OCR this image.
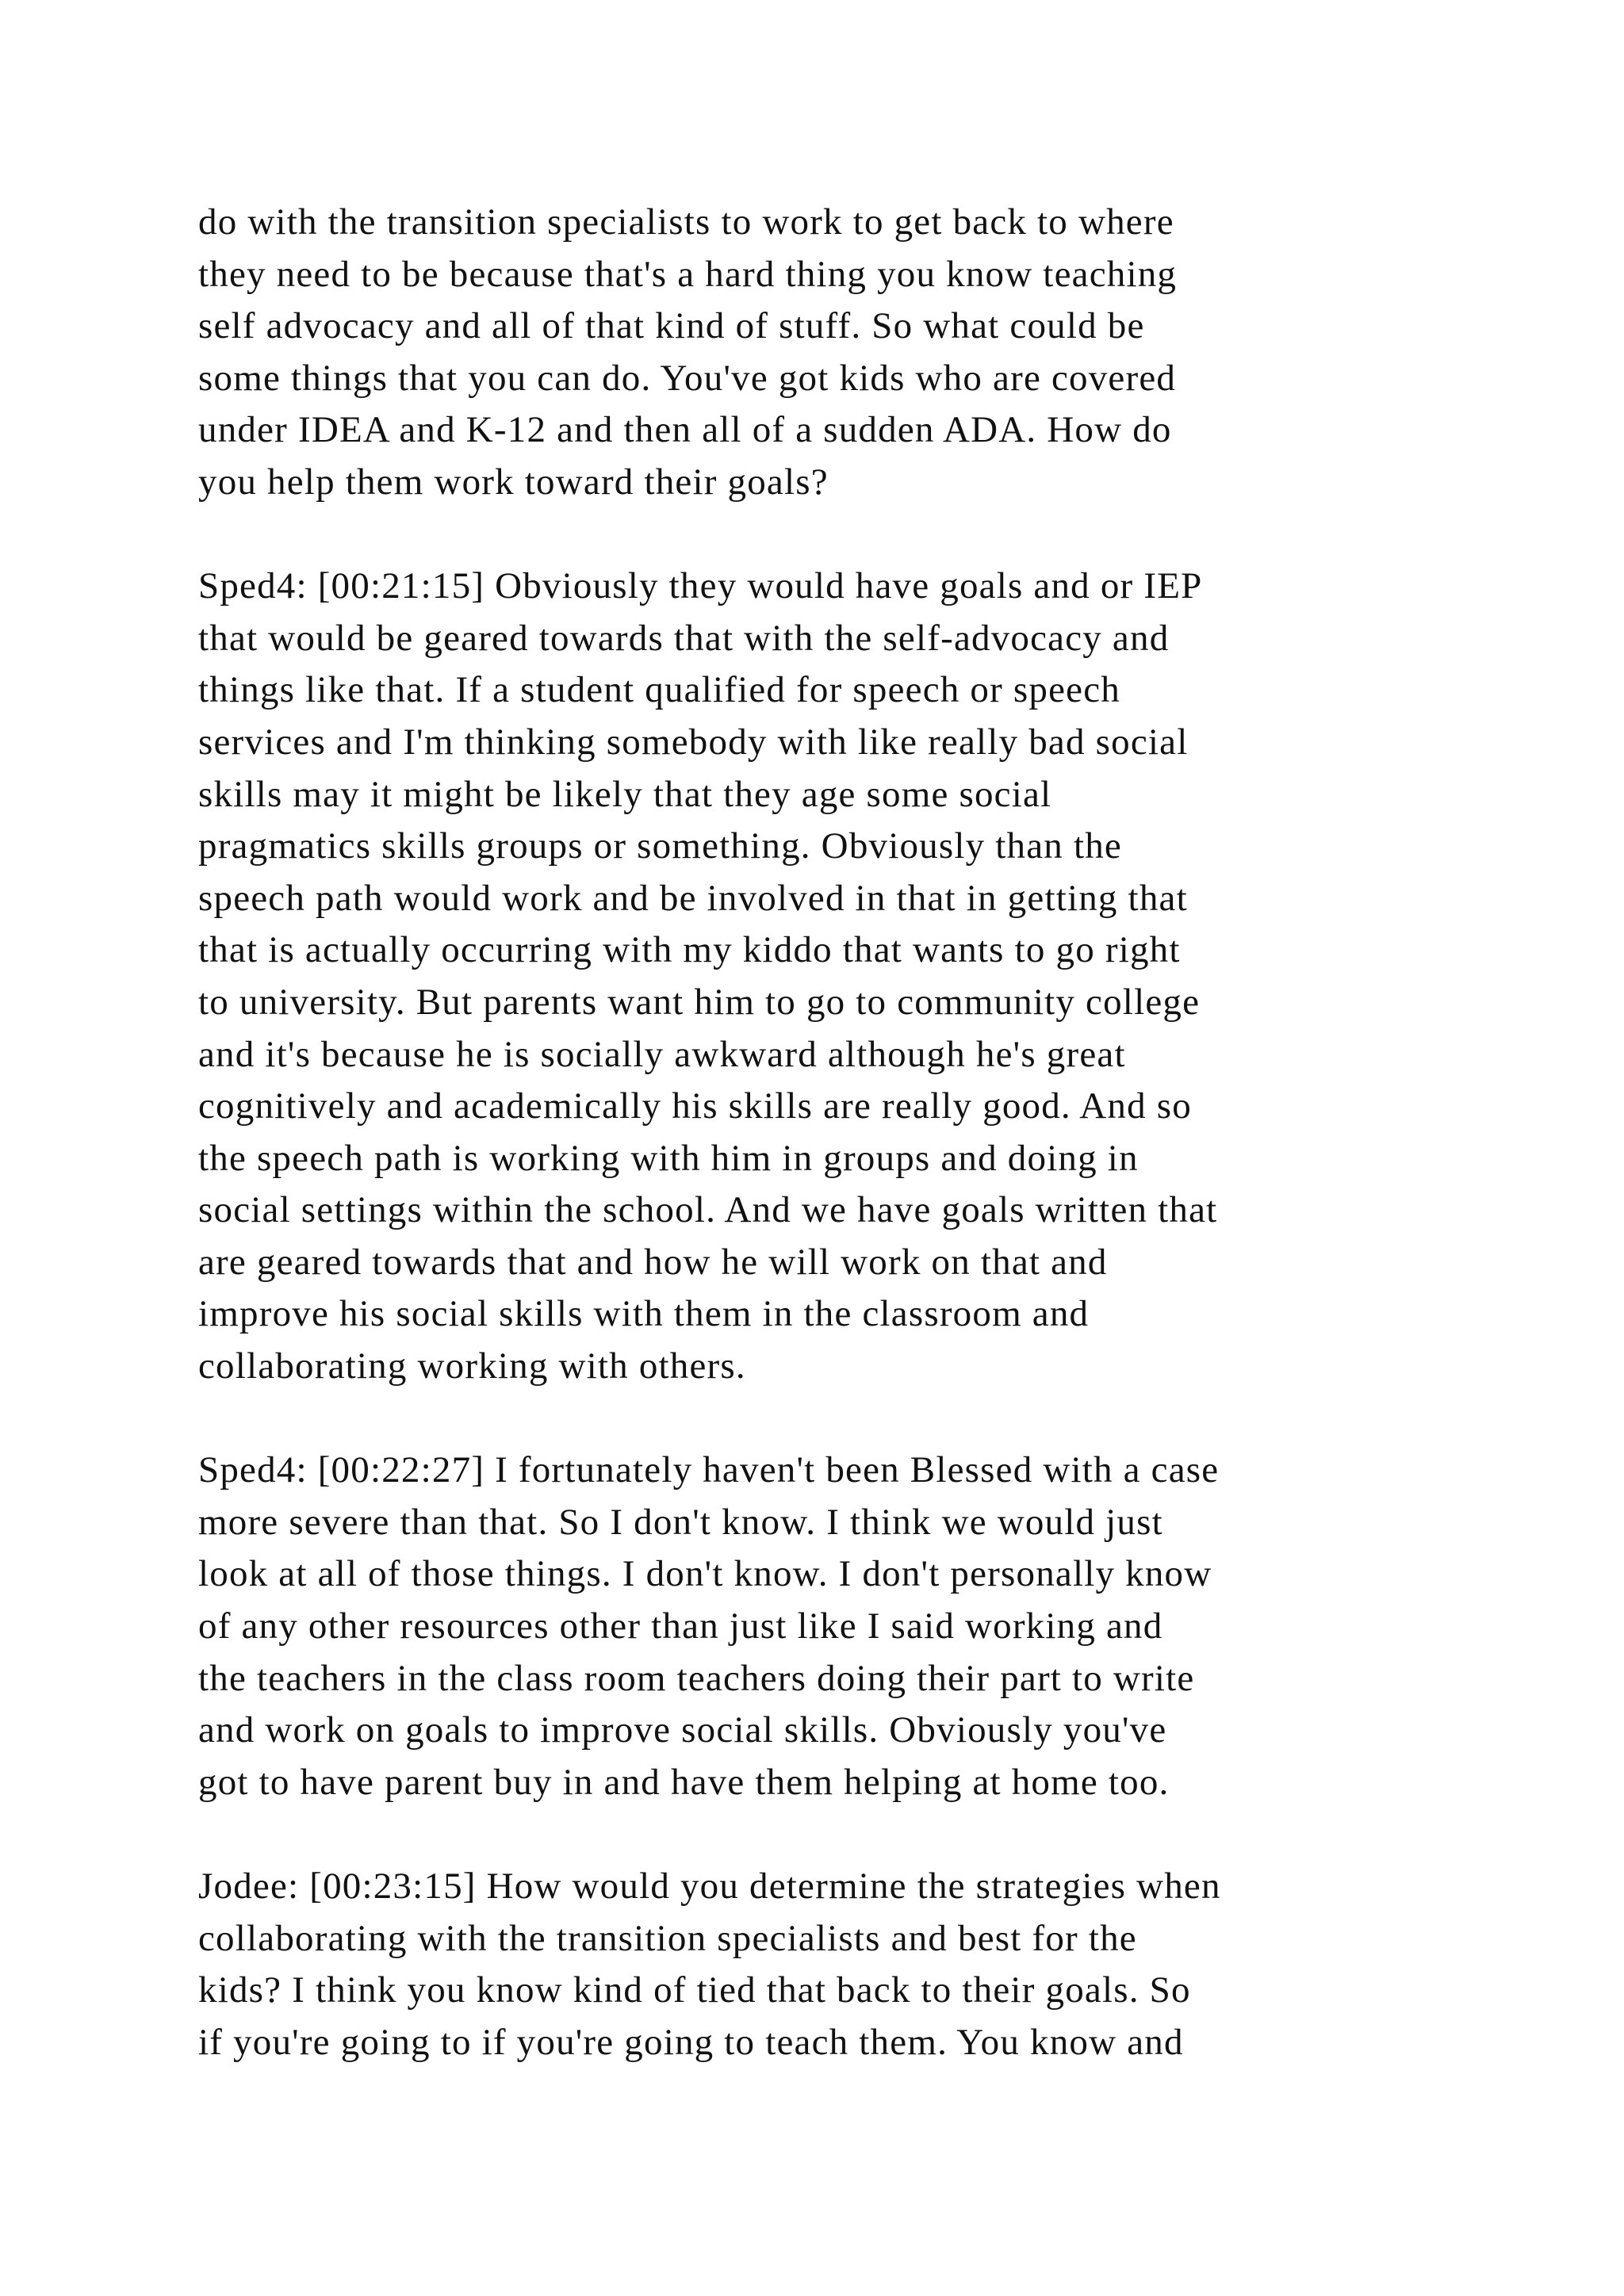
do with the transition specialists to work to get back to where
they need to be because that's a hard thing you know teaching
self advocacy and all of that kind of stuff. So what could be
some things that you can do. You've got kids who are covered
under IDEA and K-12 and then all of a sudden ADA. How do
you help them work toward their goals?
Sped4: [00:21:15] Obviously they would have goals and or IEP
that would be geared towards that with the self-advocacy and
things like that. If a student qualified for speech or speech
services and I'm thinking somebody with like really bad social
skills may it might be likely that they age some social
pragmatics skills groups or something. Obviously than the
speech path would work and be involved in that in getting that
that is actually occurring with my kiddo that wants to go right
to university. But parents want him to go to community college
and it's because he is socially awkward although he's great
cognitively and academically his skills are really good. And so
the speech path is working with him in groups and doing in
social settings within the school. And we have goals written that
are geared towards that and how he will work on that and
improve his social skills with them in the classroom and
collaborating working with others.
Sped4: [00:22:27] I fortunately haven't been Blessed with a case
more severe than that. So I don't know. I think we would just
look at all of those things. I don't know. I don't personally know
of any other resources other than just like I said working and
the teachers in the class room teachers doing their part to write
and work on goals to improve social skills. Obviously you've
got to have parent buy in and have them helping at home too.
Jodee: [00:23:15] How would you determine the strategies when
collaborating with the transition specialists and best for the
kids? I think you know kind of tied that back to their goals. So
if you're going to if you're going to teach them. You know and
